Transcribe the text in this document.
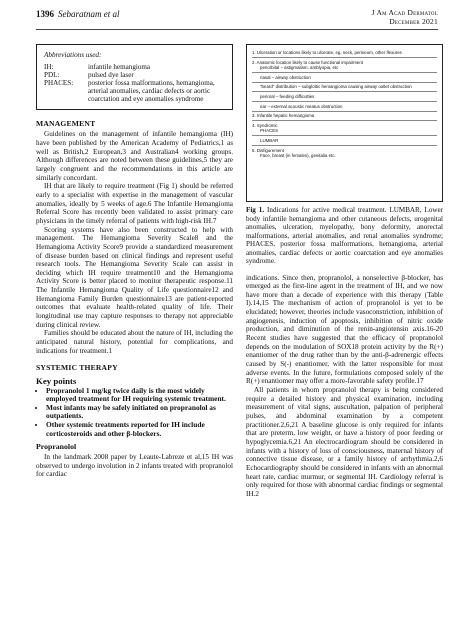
1396 Sebaratnam et al	J Am Acad Dermatol
December 2021
Abbreviations used:
IH:	infantile hemangioma
PDL:	pulsed dye laser
PHACES:	posterior fossa malformations, hemangioma, arterial anomalies, cardiac defects or aortic coarctation and eye anomalies syndrome
MANAGEMENT

Guidelines on the management of infantile hemangioma (IH) have been published by the American Academy of Pediatrics,1 as well as British,2 European,3 and Australian4 working groups. Although differences are noted between these guidelines,5 they are largely congruent and the recommendations in this article are similarly concordant.

IH that are likely to require treatment (Fig 1) should be referred early to a specialist with expertise in the management of vascular anomalies, ideally by 5 weeks of age.6 The Infantile Hemangioma Referral Score has recently been validated to assist primary care physicians in the timely referral of patients with high-risk IH.7

Scoring systems have also been constructed to help with management. The Hemangioma Severity Scale8 and the Hemangioma Activity Score9 provide a standardized measurement of disease burden based on clinical findings and represent useful research tools. The Hemangioma Severity Scale can assist in deciding which IH require treatment10 and the Hemangioma Activity Score is better placed to monitor therapeutic response.11 The Infantile Hemangioma Quality of Life questionnaire12 and Hemangioma Family Burden questionnaire13 are patient-reported outcomes that evaluate health-related quality of life. Their longitudinal use may capture responses to therapy not appreciable during clinical review.

Families should be educated about the nature of IH, including the anticipated natural history, potential for complications, and indications for treatment.1

SYSTEMIC THERAPY
Key points
• Propranolol 1 mg/kg twice daily is the most widely employed treatment for IH requiring systemic treatment.
• Most infants may be safely initiated on propranolol as outpatients.
• Other systemic treatments reported for IH include corticosteroids and other β-blockers.
Propranolol

In the landmark 2008 paper by Leaute-Labreze et al,15 IH was observed to undergo involution in 2 infants treated with propranolol for cardiac

1. Ulceration or locations likely to ulcerate, eg, neck, perineum, other flexures
2. Anatomic location likely to cause functional impairment
periorbital – astigmatism, amblyopia, etc
nasal – airway obstruction
"beard" distribution – subglottic hemangioma causing airway outlet obstruction
perioral – feeding difficulties
ear – external acoustic meatus obstruction
3. Infantile hepatic hemangioma
4. Syndromic
PHACES
LUMBAR
5. Disfigurement
Face, breast (in females), genitalia etc.
Fig 1. Indications for active medical treatment. LUMBAR, Lower body infantile hemangioma and other cutaneous defects, urogenital anomalies, ulceration, myelopathy, bony deformity, anorectal malformations, arterial anomalies, and renal anomalies syndrome; PHACES, posterior fossa malformations, hemangioma, arterial anomalies, cardiac defects or aortic coarctation and eye anomalies syndrome.

indications. Since then, propranolol, a nonselective β-blocker, has emerged as the first-line agent in the treatment of IH, and we now have more than a decade of experience with this therapy (Table I).14,15 The mechanism of action of propranolol is yet to be elucidated; however, theories include vasoconstriction, inhibition of angiogenesis, induction of apoptosis, inhibition of nitric oxide production, and diminution of the renin-angiotensin axis.16-20 Recent studies have suggested that the efficacy of propranolol depends on the modulation of SOX18 protein activity by the R(+) enantiomer of the drug rather than by the anti-β-adrenergic effects caused by S(-) enantiomer, with the latter responsible for most adverse events. In the future, formulations composed solely of the R(+) enantiomer may offer a more-favorable safety profile.17

All patients in whom propranolol therapy is being considered require a detailed history and physical examination, including measurement of vital signs, auscultation, palpation of peripheral pulses, and abdominal examination by a competent practitioner.2,6,21 A baseline glucose is only required for infants that are preterm, low weight, or have a history of poor feeding or hypoglycemia.6,21 An electrocardiogram should be considered in infants with a history of loss of consciousness, maternal history of connective tissue disease, or a family history of arrhythmia.2,6 Echocardiography should be considered in infants with an abnormal heart rate, cardiac murmur, or segmental IH. Cardiology referral is only required for those with abnormal cardiac findings or segmental IH.2
